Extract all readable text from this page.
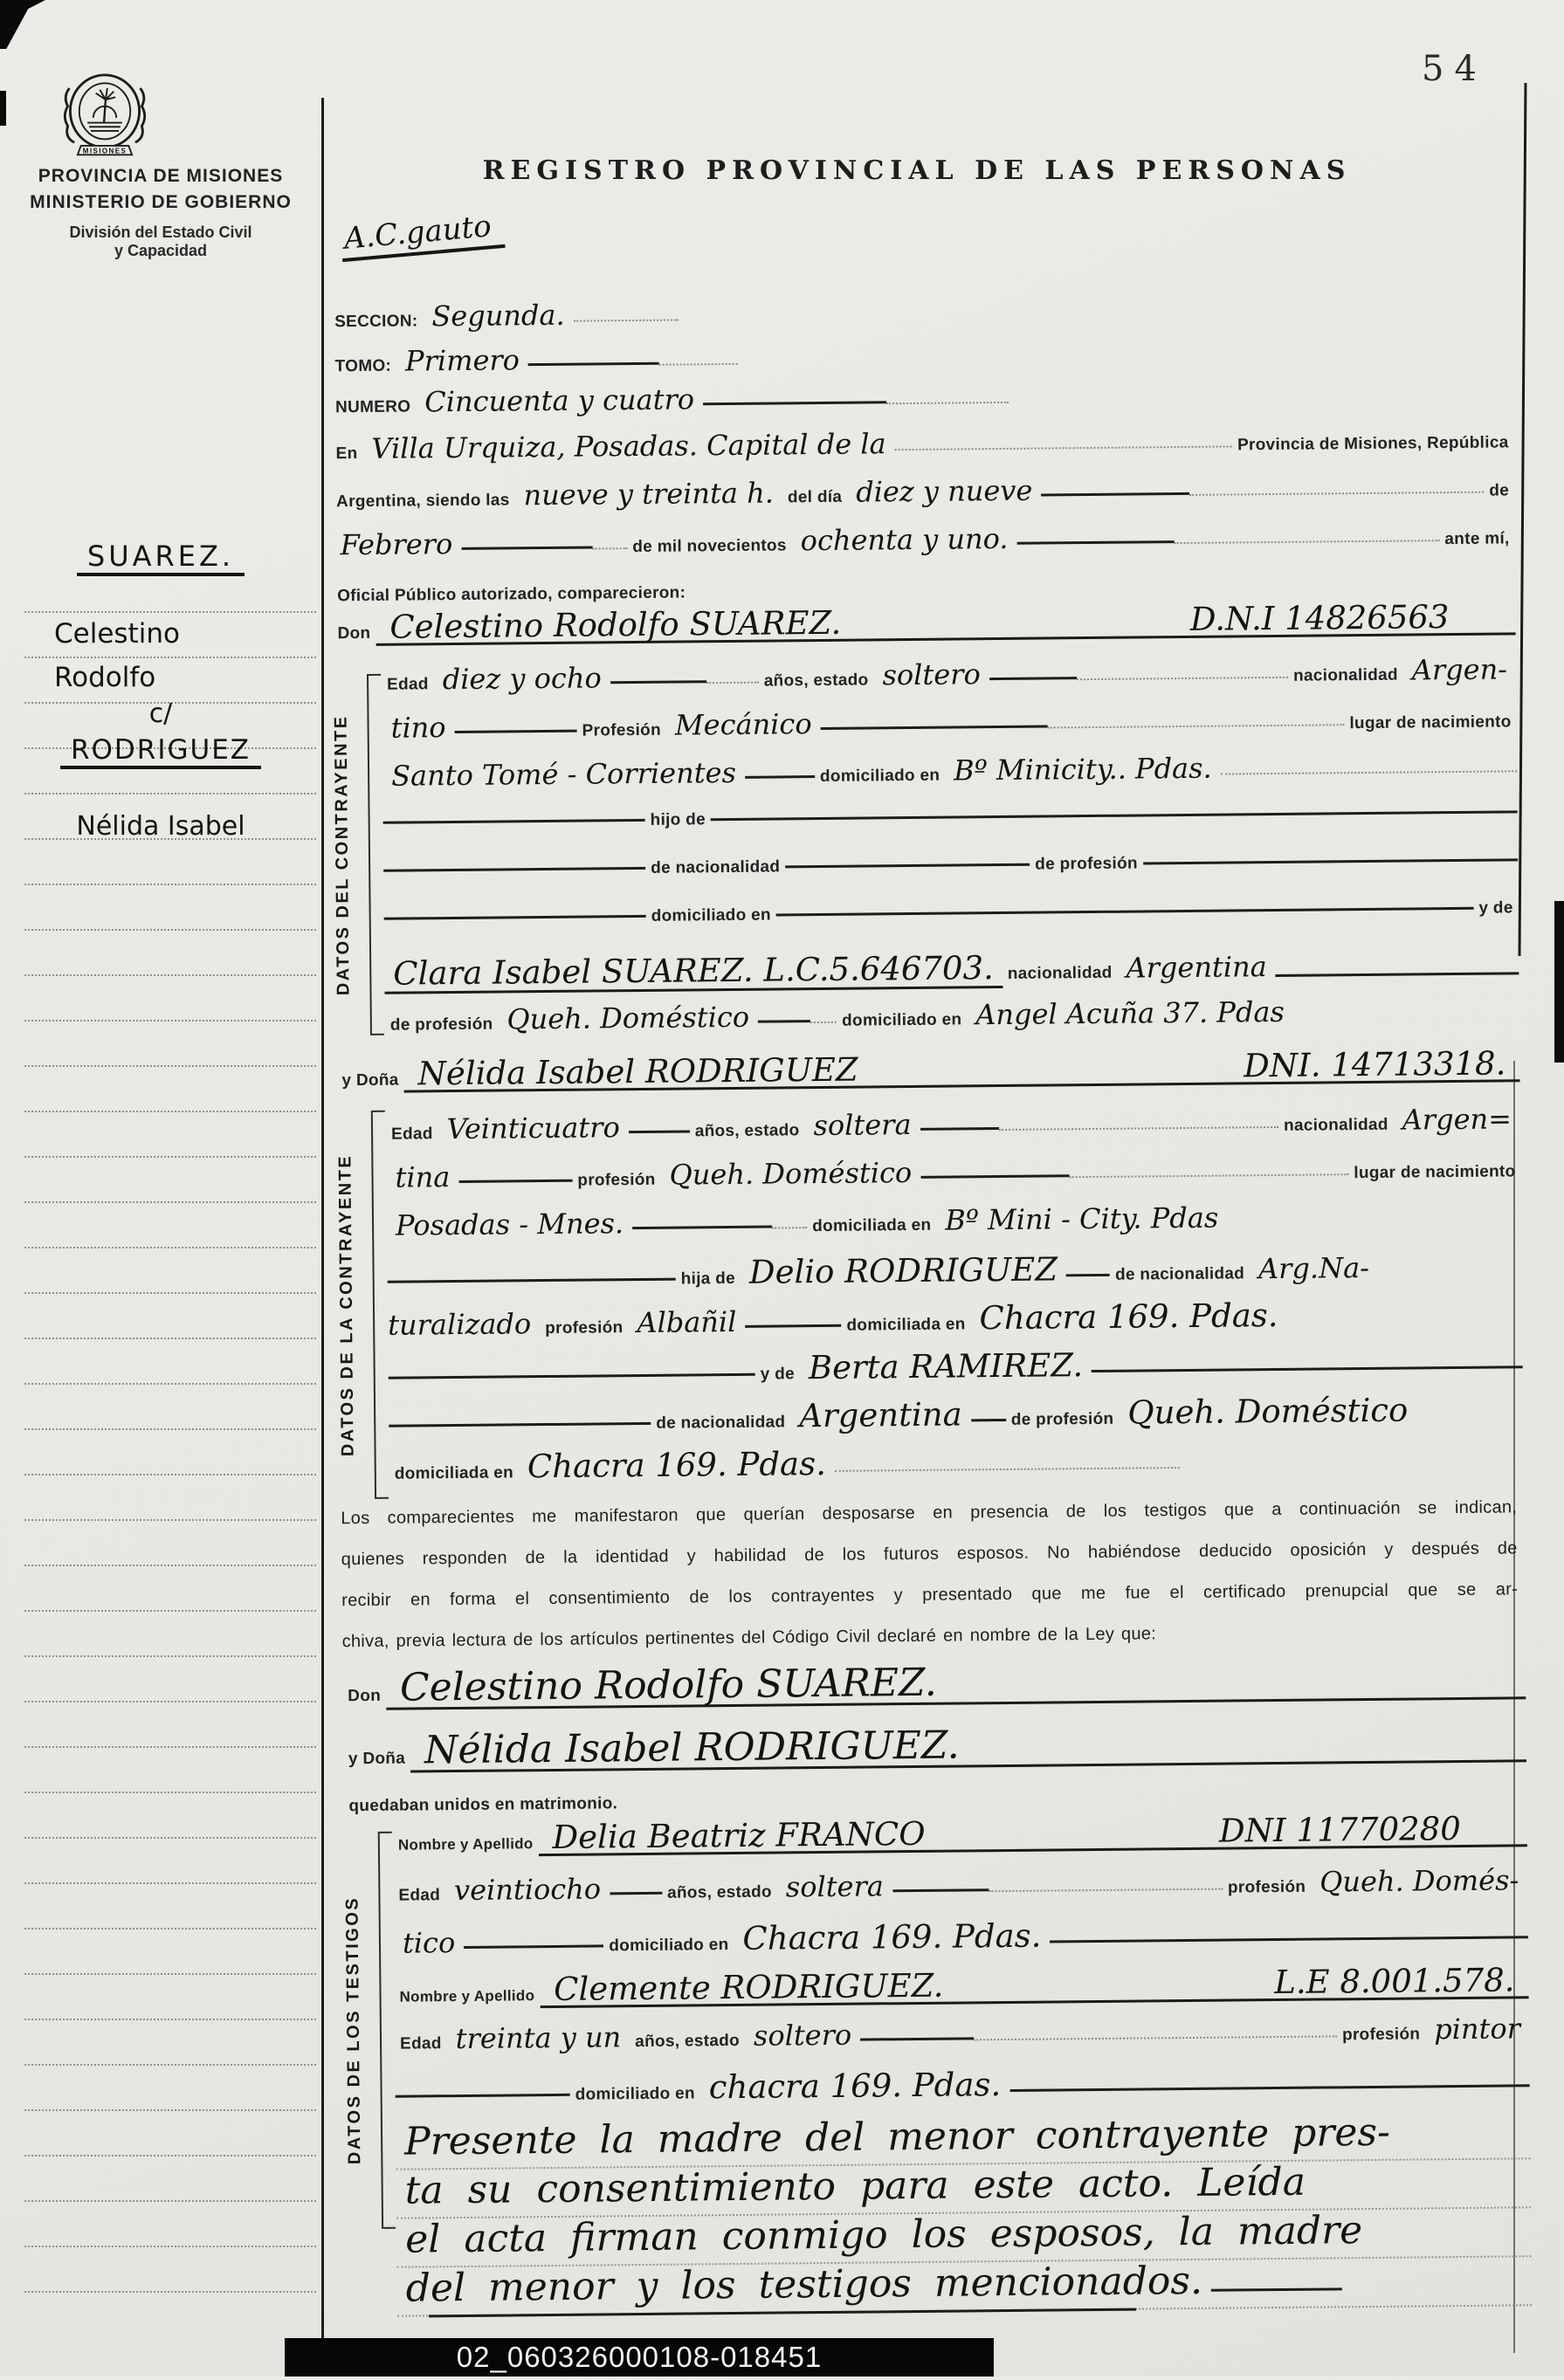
54
MISIONES
PROVINCIA DE MISIONES
MINISTERIO DE GOBIERNO
División del Estado Civil
y Capacidad
SUAREZ.
Celestino
Rodolfo
c/
RODRIGUEZ
Nélida Isabel
REGISTRO PROVINCIAL DE LAS PERSONAS
A.C.gauto
DATOS DEL CONTRAYENTE
DATOS DE LA CONTRAYENTE
DATOS DE LOS TESTIGOS
SECCION: Segunda.
TOMO: Primero
NUMERO Cincuenta y cuatro
En Villa Urquiza, Posadas. Capital de la	Provincia de Misiones, República
Argentina, siendo las nueve y treinta h. del día diez y nueve	de
Febrero	de mil novecientos ochenta y uno.	ante mí,
Oficial Público autorizado, comparecieron:
Don Celestino Rodolfo SUAREZ.	D.N.I 14826563
Edad diez y ocho	años, estado soltero	nacionalidad Argen-
tino	Profesión Mecánico	lugar de nacimiento
Santo Tomé - Corrientes	domiciliado en Bº Minicity.. Pdas.
hijo de
de nacionalidad	de profesión
domiciliado en	y de
Clara Isabel SUAREZ. L.C.5.646703. nacionalidad Argentina
de profesión Queh. Doméstico	domiciliado en Angel Acuña 37. Pdas
y Doña Nélida Isabel RODRIGUEZ	DNI. 14713318.
Edad Veinticuatro	años, estado soltera	nacionalidad Argen=
tina	profesión Queh. Doméstico	lugar de nacimiento
Posadas - Mnes.	domiciliada en Bº Mini - City. Pdas
hija de Delio RODRIGUEZ	de nacionalidad Arg.Na-
turalizado profesión Albañil	domiciliada en Chacra 169. Pdas.
y de Berta RAMIREZ.
de nacionalidad Argentina	de profesión Queh. Doméstico
domiciliada en Chacra 169. Pdas.
Los comparecientes me manifestaron que querían desposarse en presencia de los testigos que a continuación se indican,
quienes responden de la identidad y habilidad de los futuros esposos. No habiéndose deducido oposición y después de
recibir en forma el consentimiento de los contrayentes y presentado que me fue el certificado prenupcial que se ar-
chiva, previa lectura de los artículos pertinentes del Código Civil declaré en nombre de la Ley que:
Don Celestino Rodolfo SUAREZ.
y Doña Nélida Isabel RODRIGUEZ.
quedaban unidos en matrimonio.
Nombre y Apellido Delia Beatriz FRANCO	DNI 11770280
Edad veintiocho	años, estado soltera	profesión Queh. Domés-
tico	domiciliado en Chacra 169. Pdas.
Nombre y Apellido Clemente RODRIGUEZ.	L.E 8.001.578.
Edad treinta y un años, estado soltero	profesión pintor
domiciliado en chacra 169. Pdas.
Presente la madre del menor contrayente pres-
ta su consentimiento para este acto. Leída
el acta firman conmigo los esposos, la madre
del menor y los testigos mencionados.
02_060326000108-018451
